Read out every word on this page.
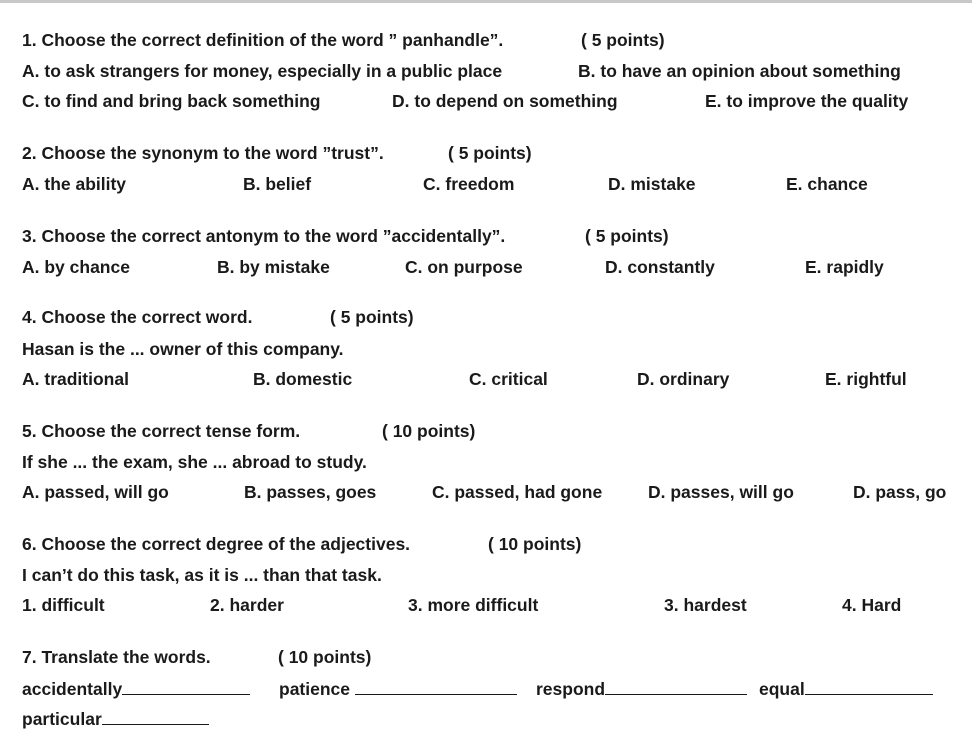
1. Choose the correct definition of the word ” panhandle”.	( 5 points)
A. to ask strangers for money, especially in a public place	B. to have an opinion about something
C. to find and bring back something	D. to depend on something	E. to improve the quality
2. Choose the synonym to the word ”trust”.	( 5 points)
A. the ability	B. belief	C. freedom	D. mistake	E. chance
3. Choose the correct antonym to the word ”accidentally”.	( 5 points)
A. by chance	B. by mistake	C. on purpose	D. constantly	E. rapidly
4. Choose the correct word.	( 5 points)
Hasan is the ... owner of this company.
A. traditional	B. domestic	C. critical	D. ordinary	E. rightful
5. Choose the correct tense form.	( 10 points)
If she ... the exam, she ... abroad to study.
A. passed, will go	B. passes, goes	C. passed, had gone	D. passes, will go	D. pass, go
6. Choose the correct degree of the adjectives.	( 10 points)
I can’t do this task, as it is ... than that task.
1. difficult	2. harder	3. more difficult	3. hardest	4. Hard
7. Translate the words.	( 10 points)
accidentally	patience	respond	equal
particular
